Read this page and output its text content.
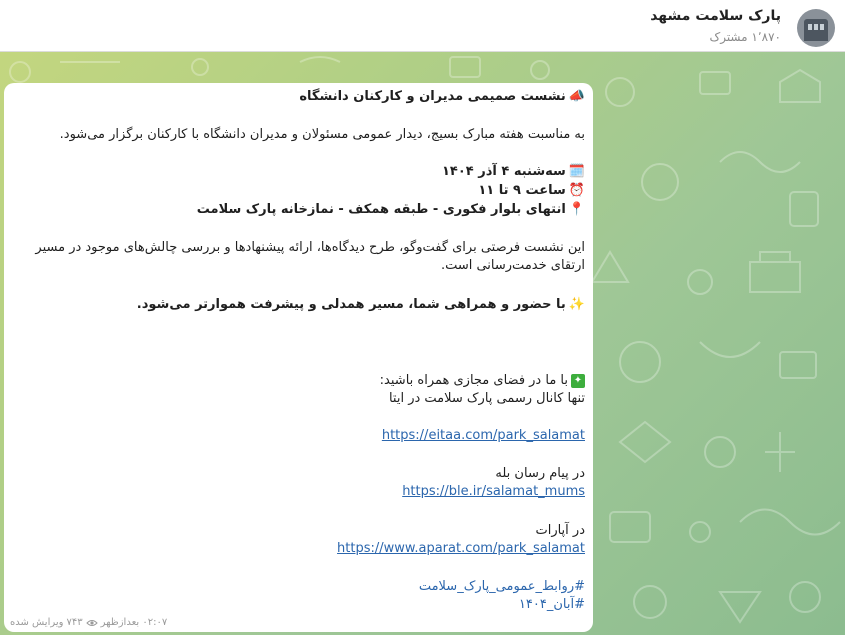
پارک سلامت مشهد
۱٬۸۷۰ مشترک
📣نشست صمیمی مدیران و کارکنان دانشگاه
به مناسبت هفته مبارک بسیج، دیدار عمومی مسئولان و مدیران دانشگاه با کارکنان برگزار می‌شود.
🗓️سه‌شنبه ۴ آذر ۱۴۰۴
⏰ساعت ۹ تا ۱۱
📍انتهای بلوار فکوری - طبقه همکف - نمازخانه پارک سلامت
این نشست فرصتی برای گفت‌وگو، طرح دیدگاه‌ها، ارائه پیشنهادها و بررسی چالش‌های موجود در مسیر
ارتقای خدمت‌رسانی است.
✨با حضور و همراهی شما، مسیر همدلی و پیشرفت هموارتر می‌شود.
✦با ما در فضای مجازی همراه باشید:
تنها کانال رسمی پارک سلامت در ایتا
https://eitaa.com/park_salamat
در پیام رسان بله
https://ble.ir/salamat_mums
در آپارات
https://www.aparat.com/park_salamat
#روابط_عمومی_پارک_سلامت
#آبان_۱۴۰۴
۰۲:۰۷ بعدازظهر
۷۴۳
ویرایش شده
